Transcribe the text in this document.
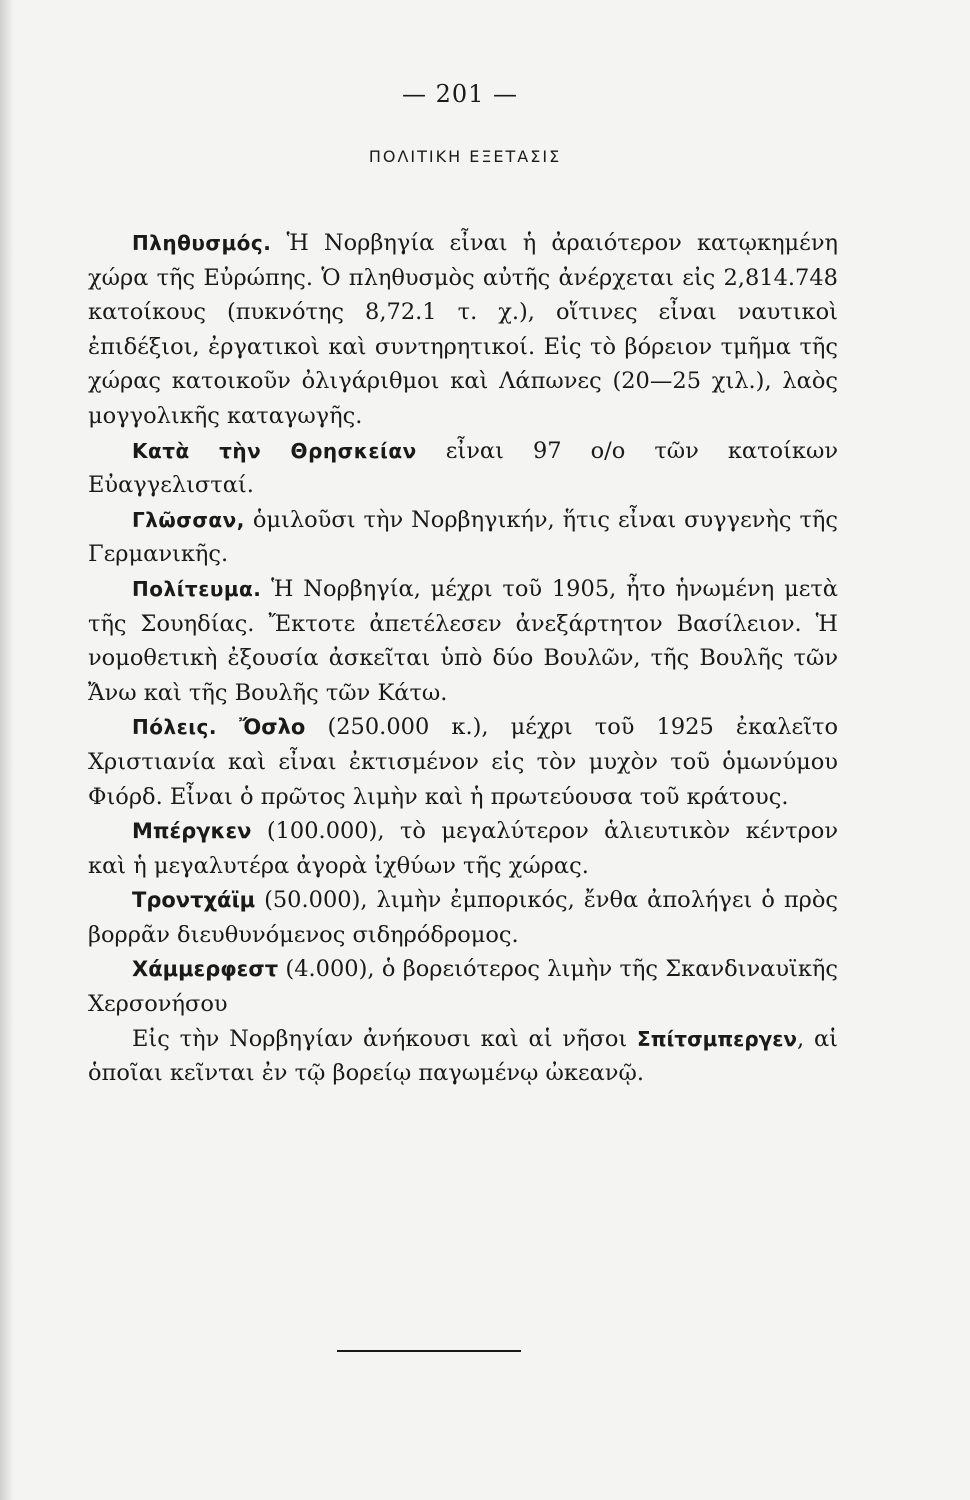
— 201 —
ΠΟΛΙΤΙΚΗ ΕΞΕΤΑΣΙΣ

Πληθυσμός. Ἡ Νορβηγία εἶναι ἡ ἀραιότερον κατῳκημένη χώρα τῆς Εὐρώπης. Ὁ πληθυσμὸς αὐτῆς ἀνέρχεται εἰς 2,814.748 κατοίκους (πυκνότης 8,72.1 τ. χ.), οἵτινες εἶναι ναυτικοὶ ἐπιδέξιοι, ἐργατικοὶ καὶ συντηρητικοί. Εἰς τὸ βόρειον τμῆμα τῆς χώρας κατοικοῦν ὀλιγάριθμοι καὶ Λάπωνες (20—25 χιλ.), λαὸς μογγολικῆς καταγωγῆς.

Κατὰ τὴν Θρησκείαν εἶναι 97 ο/ο τῶν κατοίκων Εὐαγγελισταί.

Γλῶσσαν, ὁμιλοῦσι τὴν Νορβηγικήν, ἥτις εἶναι συγγενὴς τῆς Γερμανικῆς.

Πολίτευμα. Ἡ Νορβηγία, μέχρι τοῦ 1905, ἦτο ἡνωμένη μετὰ τῆς Σουηδίας. Ἔκτοτε ἀπετέλεσεν ἀνεξάρτητον Βασίλειον. Ἡ νομοθετικὴ ἐξουσία ἀσκεῖται ὑπὸ δύο Βουλῶν, τῆς Βουλῆς τῶν Ἄνω καὶ τῆς Βουλῆς τῶν Κάτω.

Πόλεις. Ὄσλο (250.000 κ.), μέχρι τοῦ 1925 ἐκαλεῖτο Χριστιανία καὶ εἶναι ἐκτισμένον εἰς τὸν μυχὸν τοῦ ὁμωνύμου Φιόρδ. Εἶναι ὁ πρῶτος λιμὴν καὶ ἡ πρωτεύουσα τοῦ κράτους.

Μπέργκεν (100.000), τὸ μεγαλύτερον ἁλιευτικὸν κέντρον καὶ ἡ μεγαλυτέρα ἀγορὰ ἰχθύων τῆς χώρας.

Τροντχάϊμ (50.000), λιμὴν ἐμπορικός, ἔνθα ἀπολήγει ὁ πρὸς βορρᾶν διευθυνόμενος σιδηρόδρομος.

Χάμμερφεστ (4.000), ὁ βορειότερος λιμὴν τῆς Σκανδιναυϊκῆς Χερσονήσου

Εἰς τὴν Νορβηγίαν ἀνήκουσι καὶ αἱ νῆσοι Σπίτσμπεργεν, αἱ ὁποῖαι κεῖνται ἐν τῷ βορείῳ παγωμένῳ ὠκεανῷ.
